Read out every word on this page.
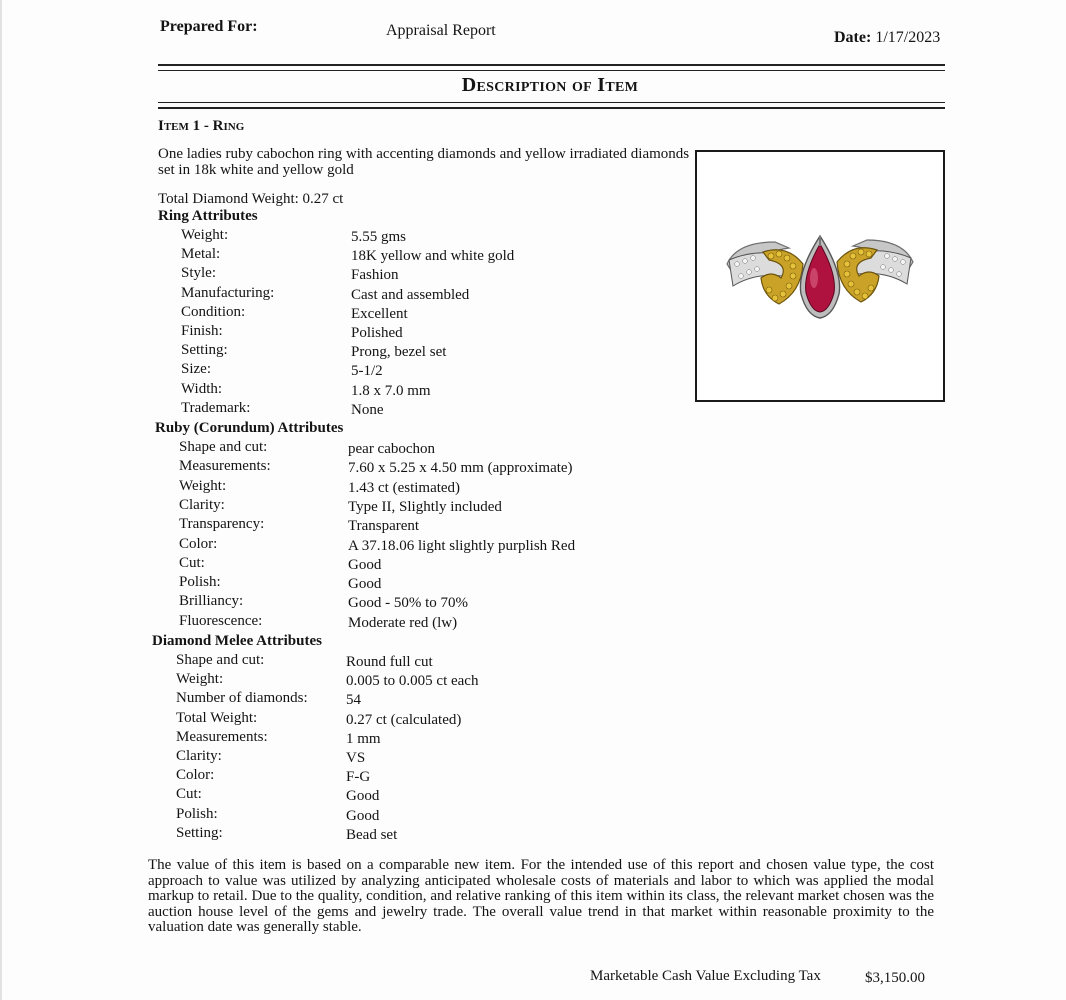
Prepared For:	Appraisal Report	Date: 1/17/2023
Description of Item
Item 1 - Ring
One ladies ruby cabochon ring with accenting diamonds and yellow irradiated diamonds set in 18k white and yellow gold
Total Diamond Weight: 0.27 ct
Ring Attributes
Weight:	5.55 gms
Metal:	18K yellow and white gold
Style:	Fashion
Manufacturing:	Cast and assembled
Condition:	Excellent
Finish:	Polished
Setting:	Prong, bezel set
Size:	5-1/2
Width:	1.8 x 7.0 mm
Trademark:	None
Ruby (Corundum) Attributes
Shape and cut:	pear cabochon
Measurements:	7.60 x 5.25 x 4.50 mm (approximate)
Weight:	1.43 ct (estimated)
Clarity:	Type II, Slightly included
Transparency:	Transparent
Color:	A 37.18.06 light slightly purplish Red
Cut:	Good
Polish:	Good
Brilliancy:	Good - 50% to 70%
Fluorescence:	Moderate red (lw)
Diamond Melee Attributes
Shape and cut:	Round full cut
Weight:	0.005 to 0.005 ct each
Number of diamonds:	54
Total Weight:	0.27 ct (calculated)
Measurements:	1 mm
Clarity:	VS
Color:	F-G
Cut:	Good
Polish:	Good
Setting:	Bead set
The value of this item is based on a comparable new item. For the intended use of this report and chosen value type, the cost approach to value was utilized by analyzing anticipated wholesale costs of materials and labor to which was applied the modal markup to retail. Due to the quality, condition, and relative ranking of this item within its class, the relevant market chosen was the auction house level of the gems and jewelry trade. The overall value trend in that market within reasonable proximity to the valuation date was generally stable.
Marketable Cash Value Excluding Tax	$3,150.00
